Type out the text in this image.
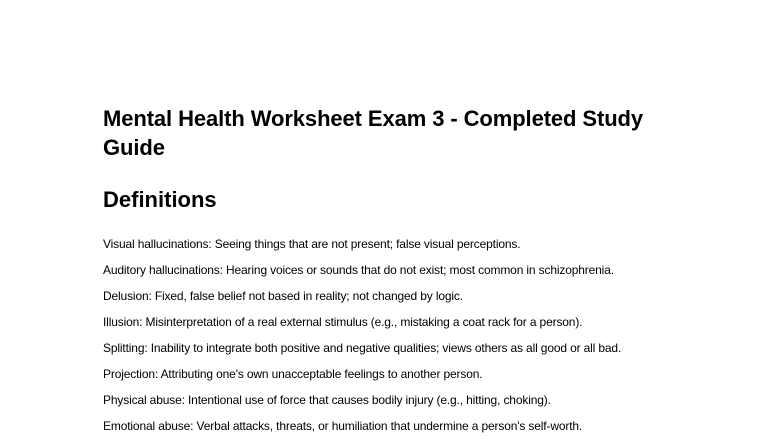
Mental Health Worksheet Exam 3 - Completed Study Guide
Definitions
Visual hallucinations: Seeing things that are not present; false visual perceptions.
Auditory hallucinations: Hearing voices or sounds that do not exist; most common in schizophrenia.
Delusion: Fixed, false belief not based in reality; not changed by logic.
Illusion: Misinterpretation of a real external stimulus (e.g., mistaking a coat rack for a person).
Splitting: Inability to integrate both positive and negative qualities; views others as all good or all bad.
Projection: Attributing one's own unacceptable feelings to another person.
Physical abuse: Intentional use of force that causes bodily injury (e.g., hitting, choking).
Emotional abuse: Verbal attacks, threats, or humiliation that undermine a person's self-worth.
